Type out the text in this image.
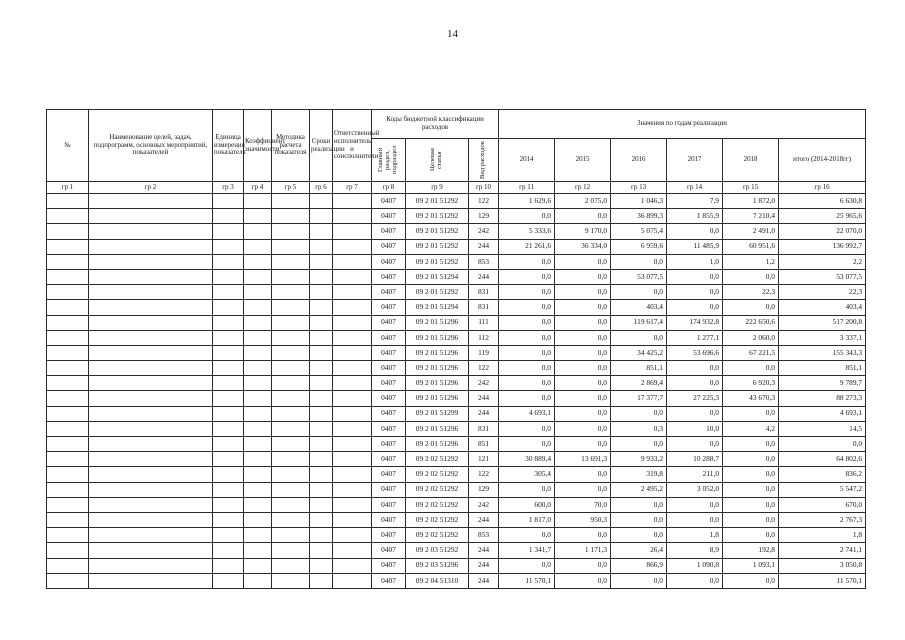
14
№	Наименование целей, задач, подпрограмм, основных мероприятий, показателей	Единица измерения показателя	Коэффициент значимости	Методика расчета показателя	Сроки реализации	Ответственный исполнитель и соисполнители	Коды бюджетной классификации расходов			Значения по годам реализации					

							Главный раздел, подраздел	Целевая статья	Вид расходов	2014	2015	2016	2017	2018	итого (2014-2018гг)
гр 1	гр 2	гр 3	гр 4	гр 5	гр 6	гр 7	гр 8	гр 9	гр 10	гр 11	гр 12	гр 13	гр 14	гр 15	гр 16
							0407	09 2 01 51292	122	1 629,6	2 075,0	1 046,3	7,9	1 872,0	6 630,8
							0407	09 2 01 51292	129	0,0	0,0	36 899,3	1 855,9	7 210,4	25 965,6
							0407	09 2 01 51292	242	5 333,6	9 170,0	5 075,4	0,0	2 491,0	22 070,0
							0407	09 2 01 51292	244	21 261,6	36 334,0	6 959,6	11 485,9	60 951,6	136 992,7
							0407	09 2 01 51292	853	0,0	0,0	0,0	1,0	1,2	2,2
							0407	09 2 01 51294	244	0,0	0,0	53 077,5	0,0	0,0	53 077,5
							0407	09 2 01 51292	831	0,0	0,0	0,0	0,0	22,3	22,3
							0407	09 2 01 51294	831	0,0	0,0	403,4	0,0	0,0	403,4
							0407	09 2 01 51296	111	0,0	0,0	119 617,4	174 932,8	222 650,6	517 200,8
							0407	09 2 01 51296	112	0,0	0,0	0,0	1 277,1	2 060,0	3 337,1
							0407	09 2 01 51296	119	0,0	0,0	34 425,2	53 696,6	67 221,5	155 343,3
							0407	09 2 01 51296	122	0,0	0,0	851,1	0,0	0,0	851,1
							0407	09 2 01 51296	242	0,0	0,0	2 869,4	0,0	6 920,3	9 789,7
							0407	09 2 01 51296	244	0,0	0,0	17 377,7	27 225,3	43 670,3	88 273,3
							0407	09 2 01 51299	244	4 693,1	0,0	0,0	0,0	0,0	4 693,1
							0407	09 2 01 51296	831	0,0	0,0	0,3	10,0	4,2	14,5
							0407	09 2 01 51296	851	0,0	0,0	0,0	0,0	0,0	0,0
							0407	09 2 02 51292	121	30 889,4	13 691,3	9 933,2	10 288,7	0,0	64 802,6
							0407	09 2 02 51292	122	305,4	0,0	319,8	211,0	0,0	836,2
							0407	09 2 02 51292	129	0,0	0,0	2 495,2	3 052,0	0,0	5 547,2
							0407	09 2 02 51292	242	600,0	70,0	0,0	0,0	0,0	670,0
							0407	09 2 02 51292	244	1 817,0	950,3	0,0	0,0	0,0	2 767,3
							0407	09 2 02 51292	853	0,0	0,0	0,0	1,8	0,0	1,8
							0407	09 2 03 51292	244	1 341,7	1 171,3	26,4	8,9	192,8	2 741,1
							0407	09 2 03 51296	244	0,0	0,0	866,9	1 090,8	1 093,1	3 050,8
							0407	09 2 04 51310	244	11 570,1	0,0	0,0	0,0	0,0	11 570,1
